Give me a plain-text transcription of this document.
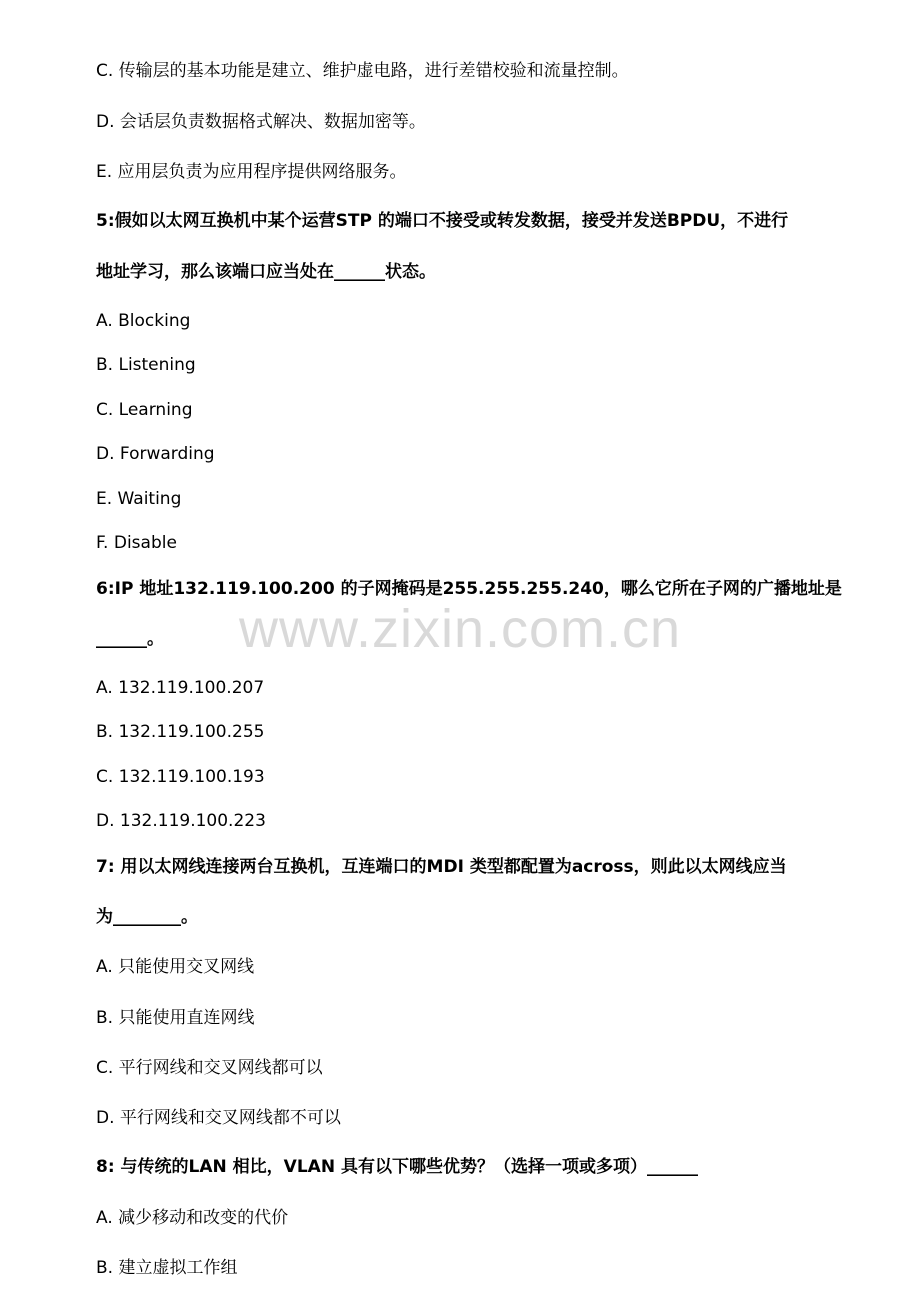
C. 传输层的基本功能是建立、维护虚电路，进行差错校验和流量控制。
D. 会话层负责数据格式解决、数据加密等。
E. 应用层负责为应用程序提供网络服务。
5:假如以太网互换机中某个运营STP 的端口不接受或转发数据，接受并发送BPDU，不进行
地址学习，那么该端口应当处在______状态。
A. Blocking
B. Listening
C. Learning
D. Forwarding
E. Waiting
F. Disable
6:IP 地址132.119.100.200 的子网掩码是255.255.255.240，哪么它所在子网的广播地址是
______。
A. 132.119.100.207
B. 132.119.100.255
C. 132.119.100.193
D. 132.119.100.223
7: 用以太网线连接两台互换机，互连端口的MDI 类型都配置为across，则此以太网线应当
为________。
A. 只能使用交叉网线
B. 只能使用直连网线
C. 平行网线和交叉网线都可以
D. 平行网线和交叉网线都不可以
8: 与传统的LAN 相比，VLAN 具有以下哪些优势？（选择一项或多项）______
A. 减少移动和改变的代价
B. 建立虚拟工作组
www.zixin.com.cn
